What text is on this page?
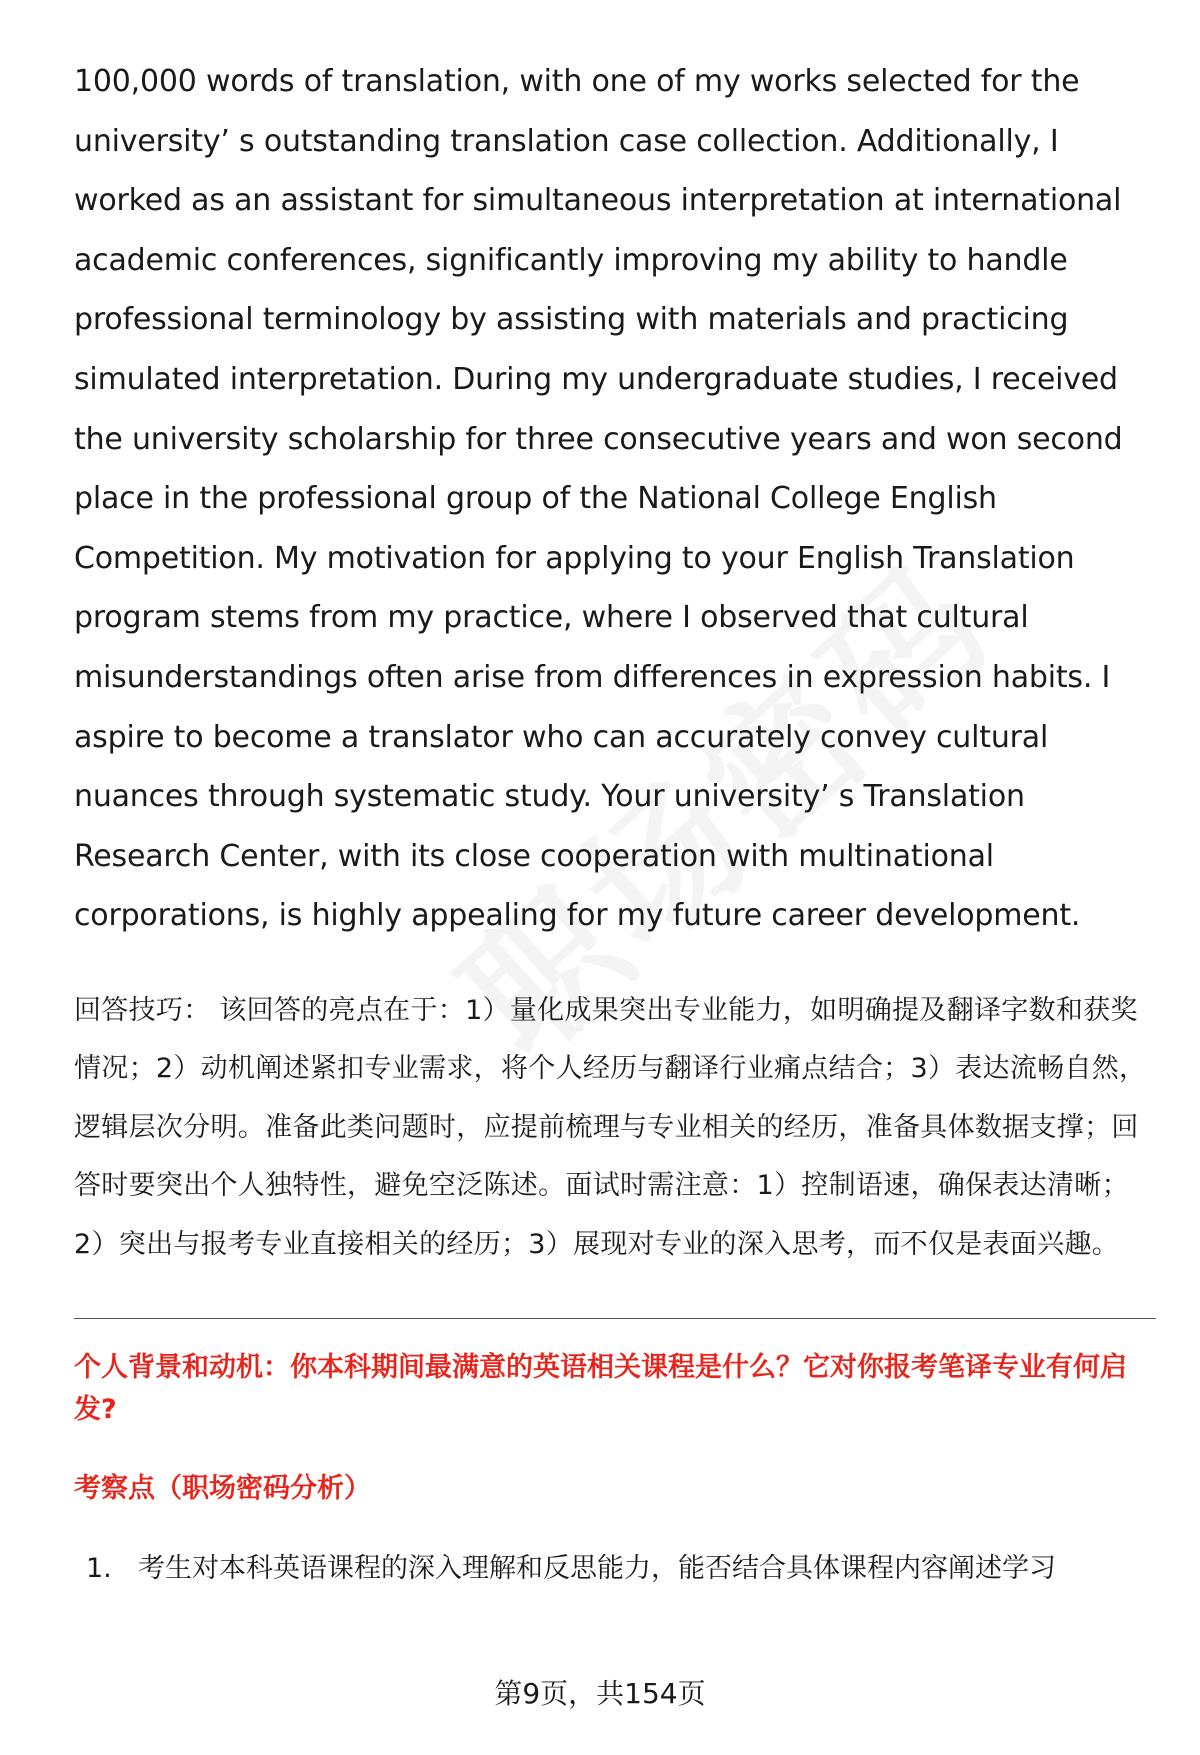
100,000 words of translation, with one of my works selected for the university’ s outstanding translation case collection. Additionally, I worked as an assistant for simultaneous interpretation at international academic conferences, significantly improving my ability to handle professional terminology by assisting with materials and practicing simulated interpretation. During my undergraduate studies, I received the university scholarship for three consecutive years and won second place in the professional group of the National College English Competition. My motivation for applying to your English Translation program stems from my practice, where I observed that cultural misunderstandings often arise from differences in expression habits. I aspire to become a translator who can accurately convey cultural nuances through systematic study. Your university’ s Translation Research Center, with its close cooperation with multinational corporations, is highly appealing for my future career development.

回答技巧： 该回答的亮点在于：1）量化成果突出专业能力，如明确提及翻译字数和获奖情况；2）动机阐述紧扣专业需求，将个人经历与翻译行业痛点结合；3）表达流畅自然，逻辑层次分明。准备此类问题时，应提前梳理与专业相关的经历，准备具体数据支撑；回答时要突出个人独特性，避免空泛陈述。面试时需注意：1）控制语速，确保表达清晰；2）突出与报考专业直接相关的经历；3）展现对专业的深入思考，而不仅是表面兴趣。
个人背景和动机：你本科期间最满意的英语相关课程是什么？它对你报考笔译专业有何启发?
考察点（职场密码分析）
1. 考生对本科英语课程的深入理解和反思能力，能否结合具体课程内容阐述学习
第9页，共154页
